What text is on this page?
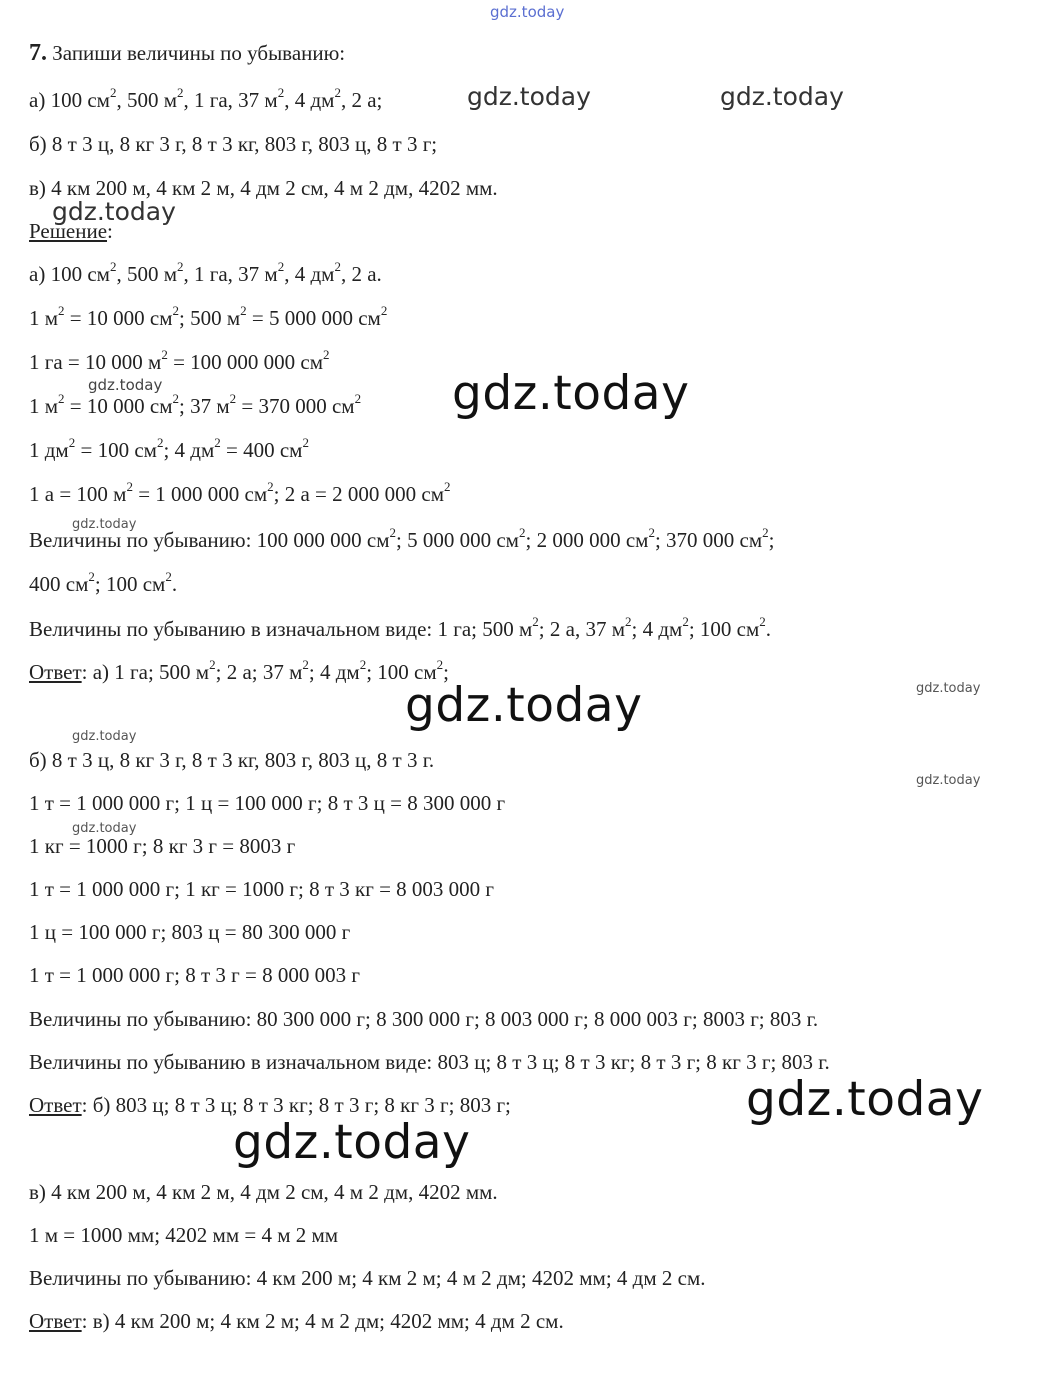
gdz.today
gdz.today	gdz.today
gdz.today
gdz.today	gdz.today
gdz.today
gdz.today	gdz.today
gdz.today
gdz.today
gdz.today
gdz.today
gdz.today
7. Запиши величины по убыванию:
а) 100 $см^2$, 500 $м^2$, 1 га, 37 $м^2$, 4 $дм^2$, 2 а;
б) 8 т 3 ц, 8 кг 3 г, 8 т 3 кг, 803 г, 803 ц, 8 т 3 г;
в) 4 км 200 м, 4 км 2 м, 4 дм 2 см, 4 м 2 дм, 4202 мм.
Решение:
а) 100 $см^2$, 500 $м^2$, 1 га, 37 $м^2$, 4 $дм^2$, 2 а.
1 $м^2 = 10$ 000 $см^2$; 500 $м^2 = 5$ 000 000 $см^2$
1 га = 10 000 $м^2 = 100$ 000 000 $см^2$
1 $м^2 = 10$ 000 $см^2$; 37 $м^2 = 370$ 000 $см^2$
1 $дм^2 = 100$ $см^2$; 4 $дм^2 = 400$ $см^2$
1 а = 100 $м^2 = 1$ 000 000 $см^2$; 2 а = 2 000 000 $см^2$
Величины по убыванию: 100 000 000 $см^2$; 5 000 000 $см^2$; 2 000 000 $см^2$; 370 000 $см^2$;
400 $см^2$; 100 $см^2$.
Величины по убыванию в изначальном виде: 1 га; 500 $м^2$; 2 а, 37 $м^2$; 4 $дм^2$; 100 $см^2$.
Ответ: а) 1 га; 500 $м^2$; 2 а; 37 $м^2$; 4 $дм^2$; 100 $см^2$;
б) 8 т 3 ц, 8 кг 3 г, 8 т 3 кг, 803 г, 803 ц, 8 т 3 г.
1 т = 1 000 000 г; 1 ц = 100 000 г; 8 т 3 ц = 8 300 000 г
1 кг = 1000 г; 8 кг 3 г = 8003 г
1 т = 1 000 000 г; 1 кг = 1000 г; 8 т 3 кг = 8 003 000 г
1 ц = 100 000 г; 803 ц = 80 300 000 г
1 т = 1 000 000 г; 8 т 3 г = 8 000 003 г
Величины по убыванию: 80 300 000 г; 8 300 000 г; 8 003 000 г; 8 000 003 г; 8003 г; 803 г.
Величины по убыванию в изначальном виде: 803 ц; 8 т 3 ц; 8 т 3 кг; 8 т 3 г; 8 кг 3 г; 803 г.
Ответ: б) 803 ц; 8 т 3 ц; 8 т 3 кг; 8 т 3 г; 8 кг 3 г; 803 г;
в) 4 км 200 м, 4 км 2 м, 4 дм 2 см, 4 м 2 дм, 4202 мм.
1 м = 1000 мм; 4202 мм = 4 м 2 мм
Величины по убыванию: 4 км 200 м; 4 км 2 м; 4 м 2 дм; 4202 мм; 4 дм 2 см.
Ответ: в) 4 км 200 м; 4 км 2 м; 4 м 2 дм; 4202 мм; 4 дм 2 см.
